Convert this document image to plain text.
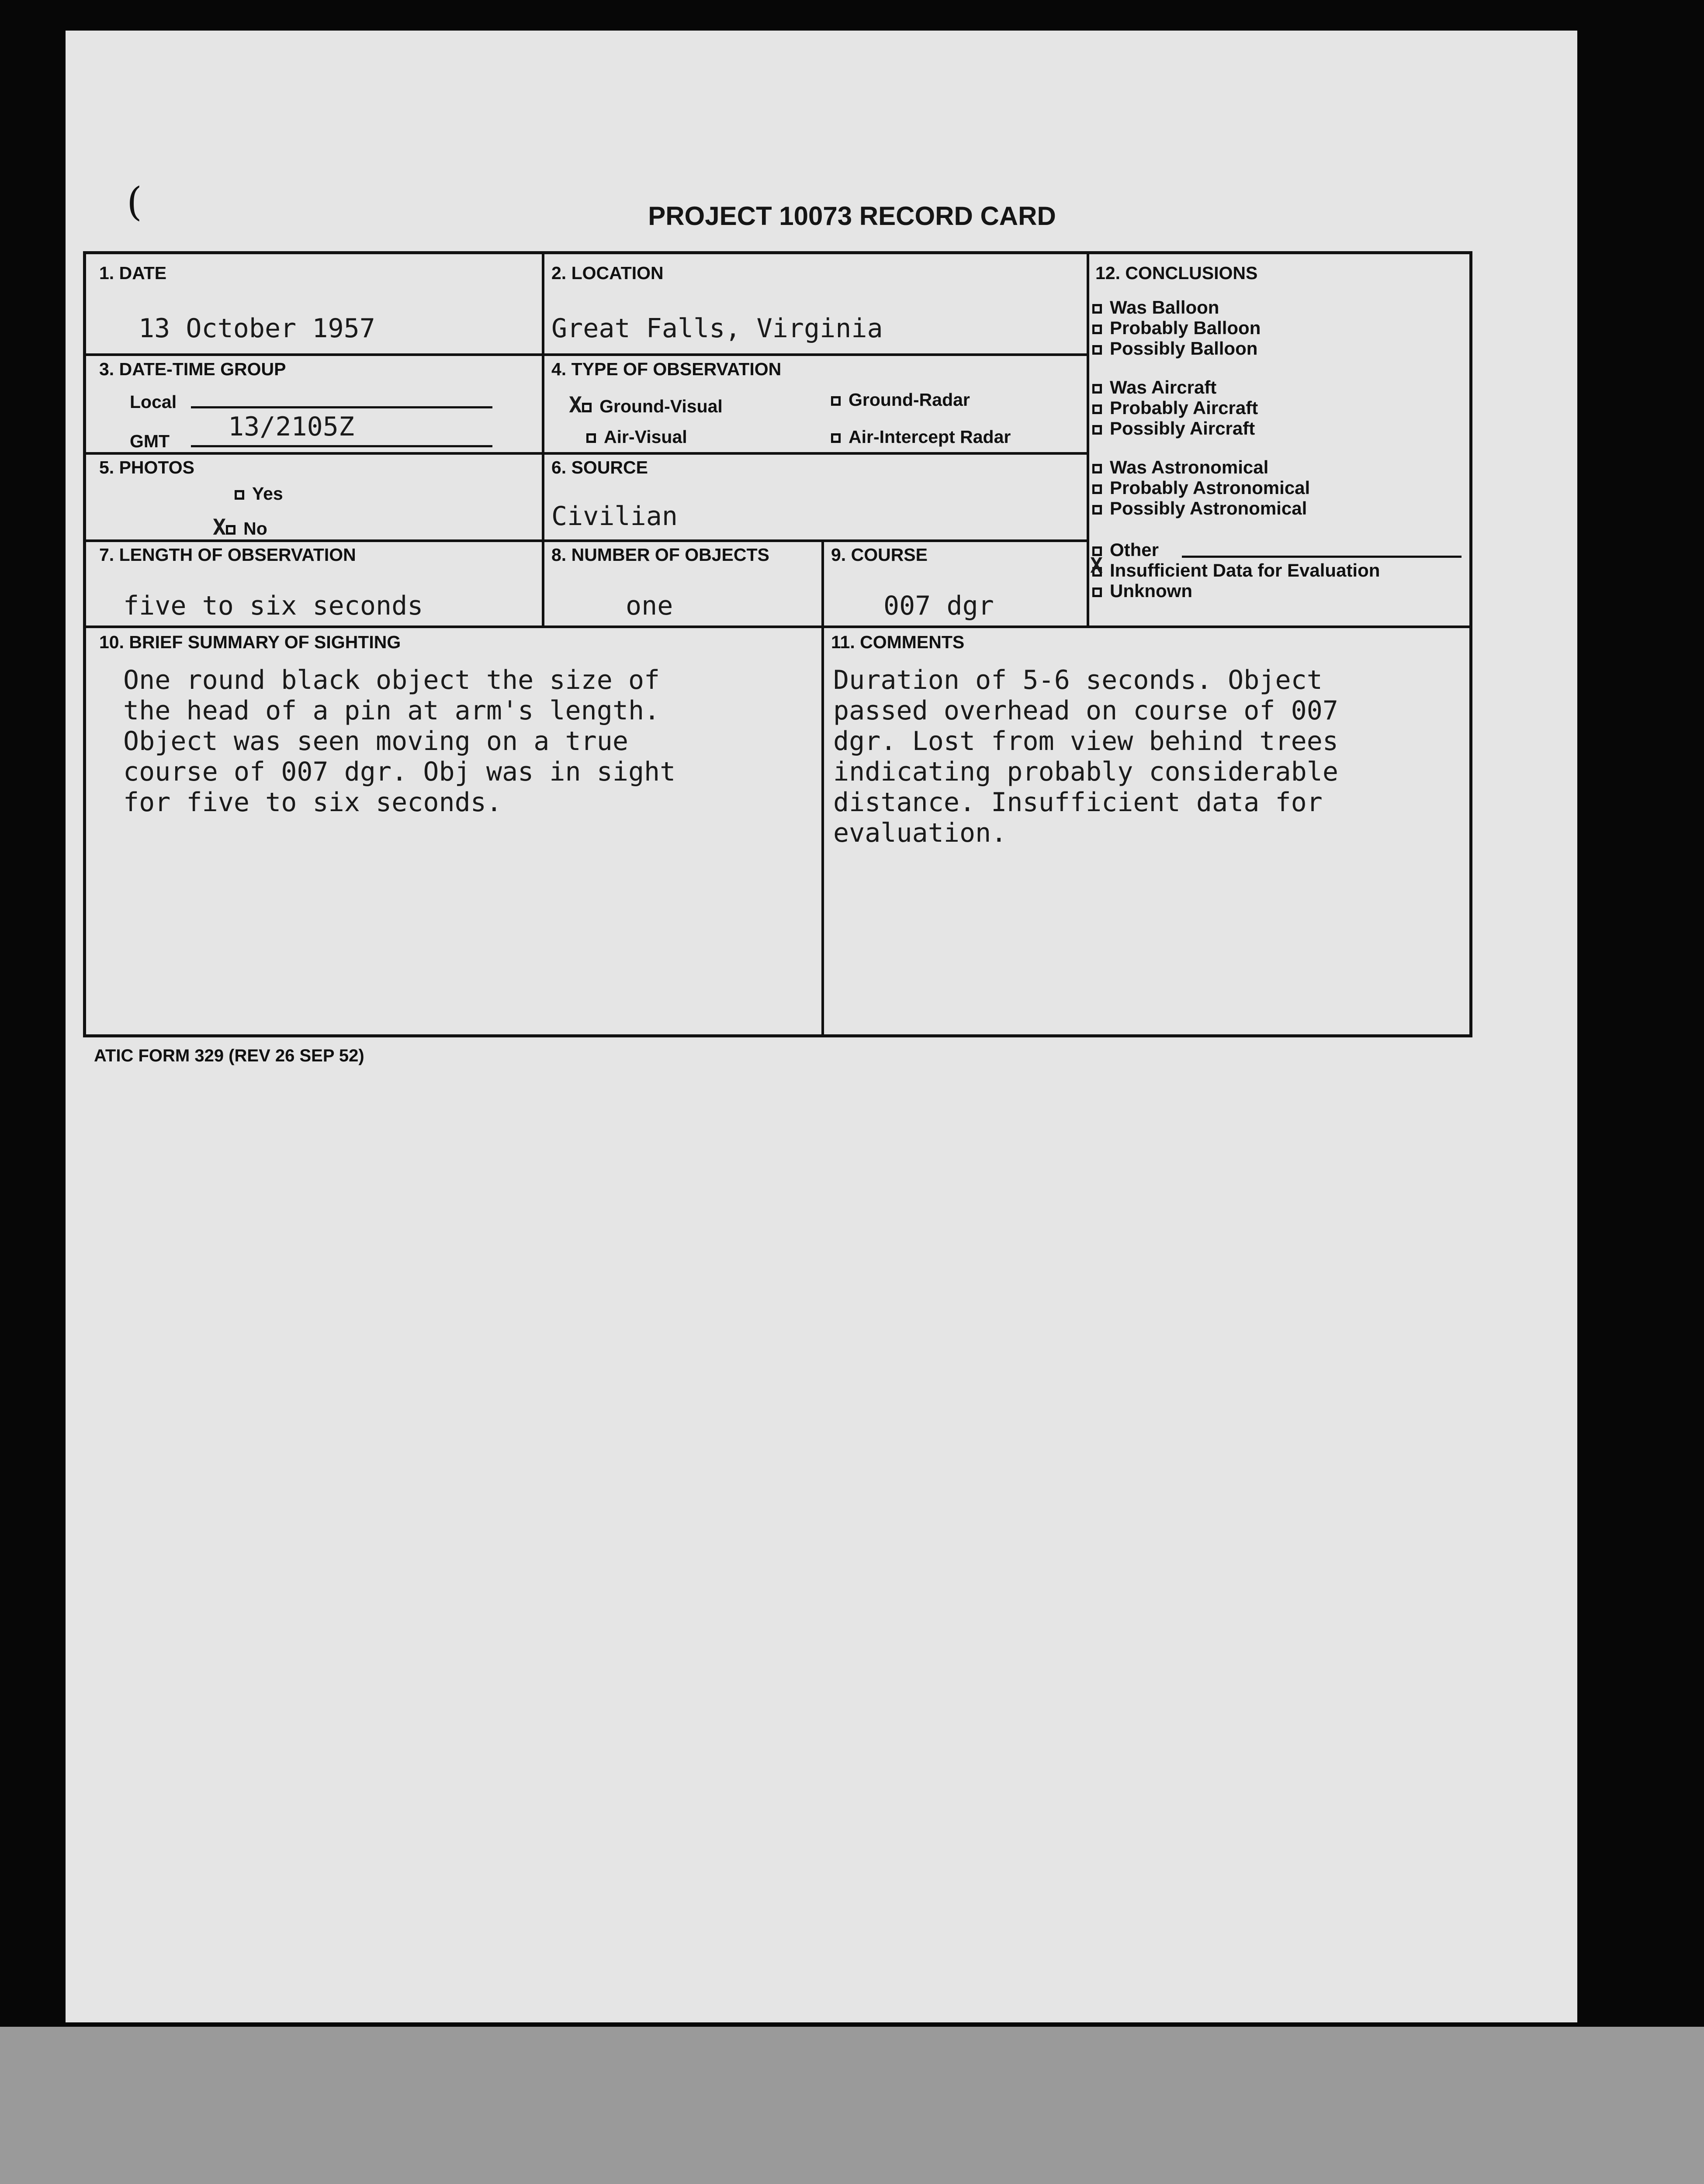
PROJECT 10073 RECORD CARD
1. DATE
13 October 1957
2. LOCATION
Great Falls, Virginia
3. DATE-TIME GROUP
Local
GMT 13/2105Z
4. TYPE OF OBSERVATION
X Ground-Visual	Ground-Radar
Air-Visual	Air-Intercept Radar
5. PHOTOS
Yes
X No
6. SOURCE
Civilian
7. LENGTH OF OBSERVATION
five to six seconds
8. NUMBER OF OBJECTS
one
9. COURSE
007 dgr
10. BRIEF SUMMARY OF SIGHTING
One round black object the size of
the head of a pin at arm's length.
Object was seen moving on a true
course of 007 dgr. Obj was in sight
for five to six seconds.
11. COMMENTS
Duration of 5-6 seconds. Object
passed overhead on course of 007
dgr. Lost from view behind trees
indicating probably considerable
distance. Insufficient data for
evaluation.
12. CONCLUSIONS
Was Balloon
Probably Balloon
Possibly Balloon
Was Aircraft
Probably Aircraft
Possibly Aircraft
Was Astronomical
Probably Astronomical
Possibly Astronomical
Other
X Insufficient Data for Evaluation
Unknown
ATIC FORM 329 (REV 26 SEP 52)
(
